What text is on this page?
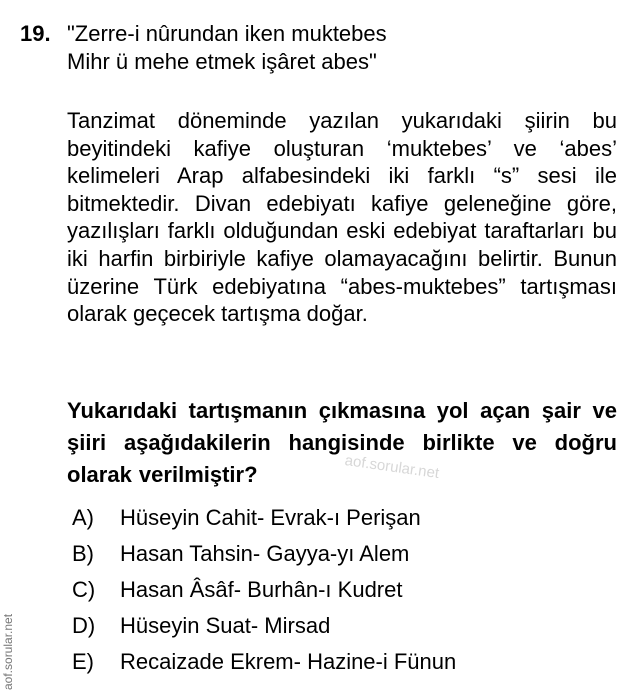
19. "Zerre-i nûrundan iken muktebes
Mihr ü mehe etmek işâret abes"
Tanzimat döneminde yazılan yukarıdaki şiirin bu beyitindeki kafiye oluşturan ‘muktebes’ ve ‘abes’ kelimeleri Arap alfabesindeki iki farklı “s” sesi ile bitmektedir. Divan edebiyatı kafiye geleneğine göre, yazılışları farklı olduğundan eski edebiyat taraftarları bu iki harfin birbiriyle kafiye olamayacağını belirtir. Bunun üzerine Türk edebiyatına “abes-muktebes” tartışması olarak geçecek tartışma doğar.
Yukarıdaki tartışmanın çıkmasına yol açan şair ve şiiri aşağıdakilerin hangisinde birlikte ve doğru olarak verilmiştir?	aof.sorular.net
A) Hüseyin Cahit- Evrak-ı Perişan
B) Hasan Tahsin- Gayya-yı Alem
C) Hasan Âsâf- Burhân-ı Kudret
D) Hüseyin Suat- Mirsad
E) Recaizade Ekrem- Hazine-i Fünun
aof.sorular.net
